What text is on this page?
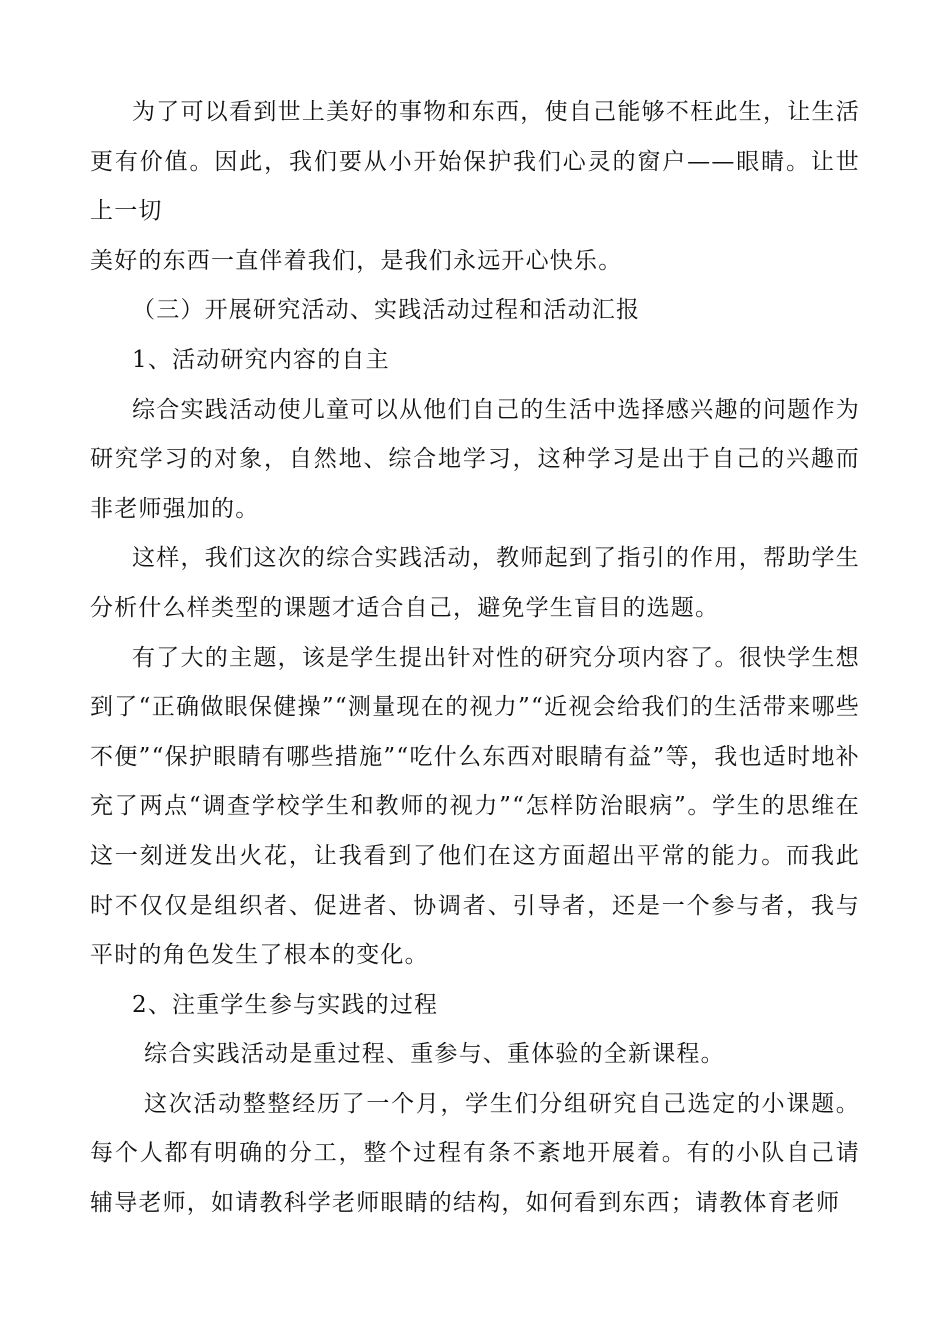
为了可以看到世上美好的事物和东西，使自己能够不枉此生，让生活更有价值。因此，我们要从小开始保护我们心灵的窗户——眼睛。让世上一切

美好的东西一直伴着我们，是我们永远开心快乐。

（三）开展研究活动、实践活动过程和活动汇报

1、活动研究内容的自主

综合实践活动使儿童可以从他们自己的生活中选择感兴趣的问题作为研究学习的对象，自然地、综合地学习，这种学习是出于自己的兴趣而非老师强加的。

这样，我们这次的综合实践活动，教师起到了指引的作用，帮助学生分析什么样类型的课题才适合自己，避免学生盲目的选题。

有了大的主题，该是学生提出针对性的研究分项内容了。很快学生想到了“正确做眼保健操”“测量现在的视力”“近视会给我们的生活带来哪些不便”“保护眼睛有哪些措施”“吃什么东西对眼睛有益”等，我也适时地补充了两点“调查学校学生和教师的视力”“怎样防治眼病”。学生的思维在这一刻迸发出火花，让我看到了他们在这方面超出平常的能力。而我此时不仅仅是组织者、促进者、协调者、引导者，还是一个参与者，我与平时的角色发生了根本的变化。

2、注重学生参与实践的过程

综合实践活动是重过程、重参与、重体验的全新课程。

这次活动整整经历了一个月，学生们分组研究自己选定的小课题。每个人都有明确的分工，整个过程有条不紊地开展着。有的小队自己请辅导老师，如请教科学老师眼睛的结构，如何看到东西；请教体育老师
